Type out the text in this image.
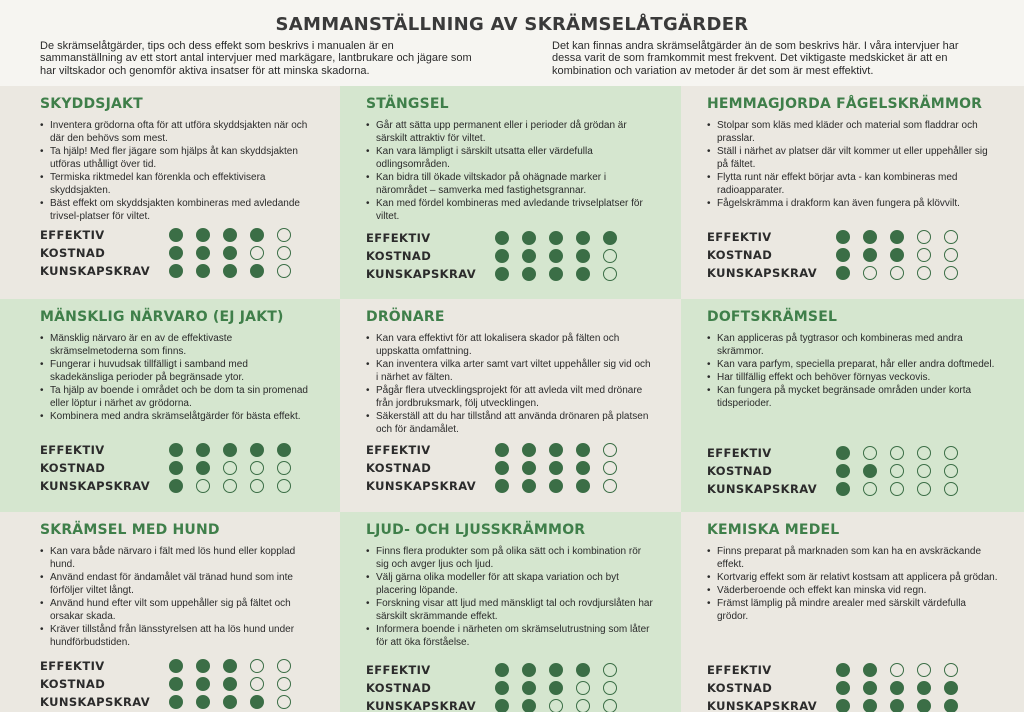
SAMMANSTÄLLNING AV SKRÄMSELÅTGÄRDER

De skrämselåtgärder, tips och dess effekt som beskrivs i manualen är en sammanställning av ett stort antal intervjuer med markägare, lantbrukare och jägare som har viltskador och genomför aktiva insatser för att minska skadorna.

Det kan finnas andra skrämselåtgärder än de som beskrivs här. I våra intervjuer har dessa varit de som framkommit mest frekvent. Det viktigaste medskicket är att en kombination och variation av metoder är det som är mest effektivt.

SKYDDSJAKT
• Inventera grödorna ofta för att utföra skyddsjakten när och där den behövs som mest.
• Ta hjälp! Med fler jägare som hjälps åt kan skyddsjakten utföras uthålligt över tid.
• Termiska riktmedel kan förenkla och effektivisera skyddsjakten.
• Bäst effekt om skyddsjakten kombineras med avledande trivsel-platser för viltet.
EFFEKTIV
KOSTNAD
KUNSKAPSKRAV
STÄNGSEL
• Går att sätta upp permanent eller i perioder då grödan är särskilt attraktiv för viltet.
• Kan vara lämpligt i särskilt utsatta eller värdefulla odlingsområden.
• Kan bidra till ökade viltskador på ohägnade marker i närområdet – samverka med fastighetsgrannar.
• Kan med fördel kombineras med avledande trivselplatser för viltet.
EFFEKTIV
KOSTNAD
KUNSKAPSKRAV
HEMMAGJORDA FÅGELSKRÄMMOR
• Stolpar som kläs med kläder och material som fladdrar och prasslar.
• Ställ i närhet av platser där vilt kommer ut eller uppehåller sig på fältet.
• Flytta runt när effekt börjar avta - kan kombineras med radioapparater.
• Fågelskrämma i drakform kan även fungera på klövvilt.
EFFEKTIV
KOSTNAD
KUNSKAPSKRAV
MÄNSKLIG NÄRVARO (EJ JAKT)
• Mänsklig närvaro är en av de effektivaste skrämselmetoderna som finns.
• Fungerar i huvudsak tillfälligt i samband med skadekänsliga perioder på begränsade ytor.
• Ta hjälp av boende i området och be dom ta sin promenad eller löptur i närhet av grödorna.
• Kombinera med andra skrämselåtgärder för bästa effekt.
EFFEKTIV
KOSTNAD
KUNSKAPSKRAV
DRÖNARE
• Kan vara effektivt för att lokalisera skador på fälten och uppskatta omfattning.
• Kan inventera vilka arter samt vart viltet uppehåller sig vid och i närhet av fälten.
• Pågår flera utvecklingsprojekt för att avleda vilt med drönare från jordbruksmark, följ utvecklingen.
• Säkerställ att du har tillstånd att använda drönaren på platsen och för ändamålet.
EFFEKTIV
KOSTNAD
KUNSKAPSKRAV
DOFTSKRÄMSEL
• Kan appliceras på tygtrasor och kombineras med andra skrämmor.
• Kan vara parfym, speciella preparat, hår eller andra doftmedel.
• Har tillfällig effekt och behöver förnyas veckovis.
• Kan fungera på mycket begränsade områden under korta tidsperioder.
EFFEKTIV
KOSTNAD
KUNSKAPSKRAV
SKRÄMSEL MED HUND
• Kan vara både närvaro i fält med lös hund eller kopplad hund.
• Använd endast för ändamålet väl tränad hund som inte förföljer viltet långt.
• Använd hund efter vilt som uppehåller sig på fältet och orsakar skada.
• Kräver tillstånd från länsstyrelsen att ha lös hund under hundförbudstiden.
EFFEKTIV
KOSTNAD
KUNSKAPSKRAV
LJUD- OCH LJUSSKRÄMMOR
• Finns flera produkter som på olika sätt och i kombination rör sig och avger ljus och ljud.
• Välj gärna olika modeller för att skapa variation och byt placering löpande.
• Forskning visar att ljud med mänskligt tal och rovdjurslåten har särskilt skrämmande effekt.
• Informera boende i närheten om skrämselutrustning som låter för att öka förståelse.
EFFEKTIV
KOSTNAD
KUNSKAPSKRAV
KEMISKA MEDEL
• Finns preparat på marknaden som kan ha en avskräckande effekt.
• Kortvarig effekt som är relativt kostsam att applicera på grödan.
• Väderberoende och effekt kan minska vid regn.
• Främst lämplig på mindre arealer med särskilt värdefulla grödor.
EFFEKTIV
KOSTNAD
KUNSKAPSKRAV
